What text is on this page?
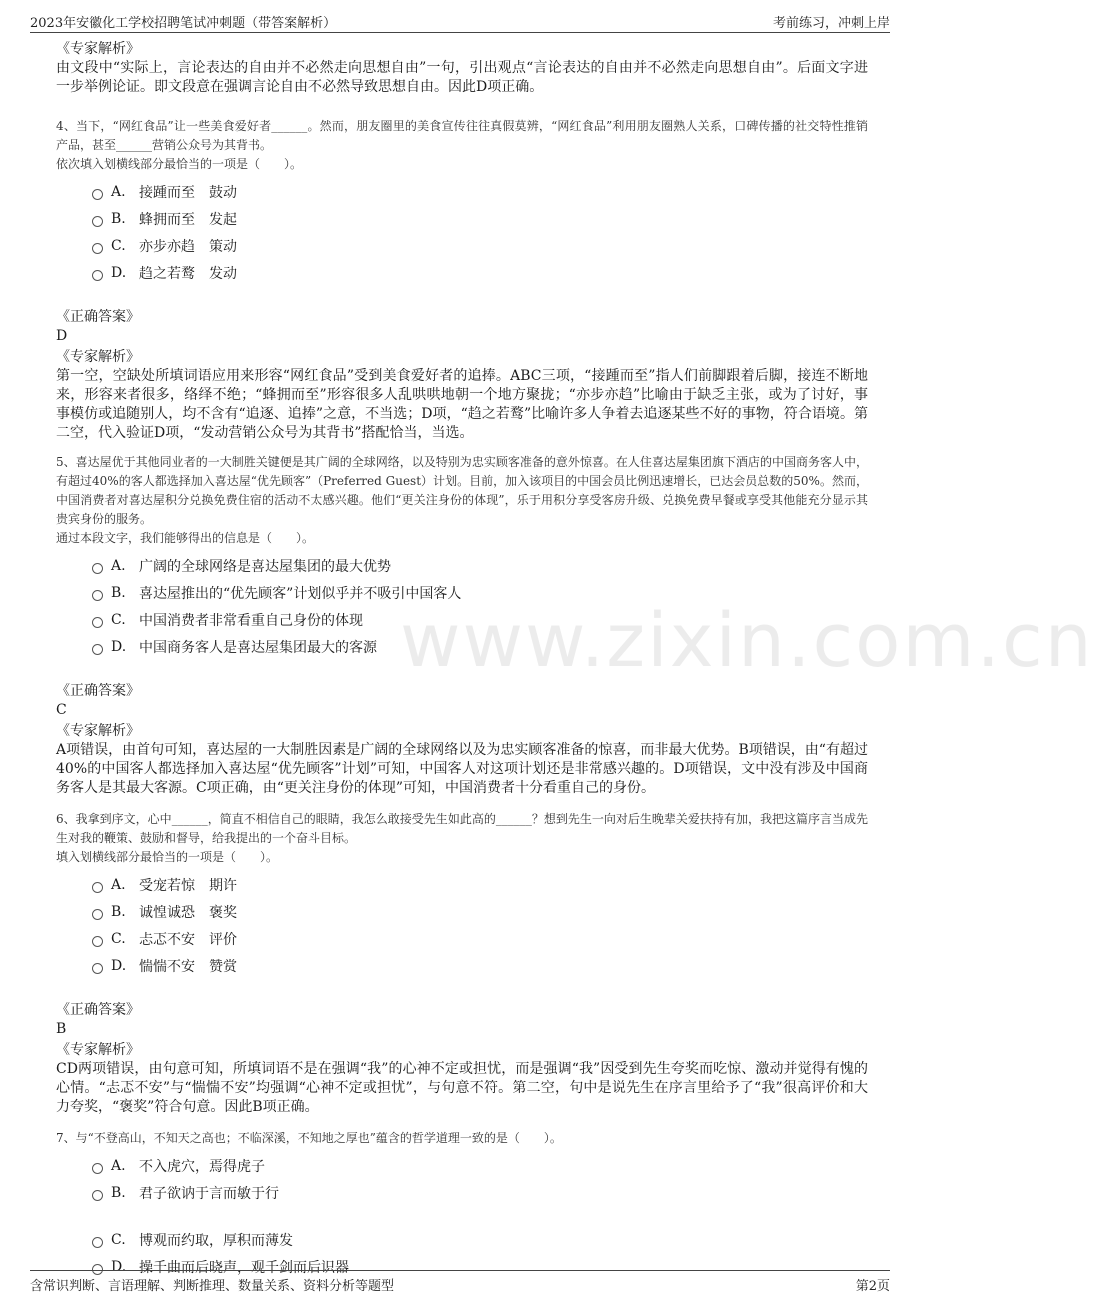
2023年安徽化工学校招聘笔试冲刺题（带答案解析）	考前练习，冲刺上岸
www.zixin.com.cn

《专家解析》

由文段中“实际上，言论表达的自由并不必然走向思想自由”一句，引出观点“言论表达的自由并不必然走向思想自由”。后面文字进一步举例论证。即文段意在强调言论自由不必然导致思想自由。因此D项正确。

4、当下，“网红食品”让一些美食爱好者______。然而，朋友圈里的美食宣传往往真假莫辨，“网红食品”利用朋友圈熟人关系，口碑传播的社交特性推销产品，甚至______营销公众号为其背书。

依次填入划横线部分最恰当的一项是（　　）。

A. 接踵而至　鼓动
B. 蜂拥而至　发起
C. 亦步亦趋　策动
D. 趋之若鹜　发动

《正确答案》

D

《专家解析》

第一空，空缺处所填词语应用来形容“网红食品”受到美食爱好者的追捧。ABC三项，“接踵而至”指人们前脚跟着后脚，接连不断地来，形容来者很多，络绎不绝；“蜂拥而至”形容很多人乱哄哄地朝一个地方聚拢；“亦步亦趋”比喻由于缺乏主张，或为了讨好，事事模仿或追随别人，均不含有“追逐、追捧”之意，不当选；D项，“趋之若鹜”比喻许多人争着去追逐某些不好的事物，符合语境。第二空，代入验证D项，“发动营销公众号为其背书”搭配恰当，当选。

5、喜达屋优于其他同业者的一大制胜关键便是其广阔的全球网络，以及特别为忠实顾客准备的意外惊喜。在人住喜达屋集团旗下酒店的中国商务客人中，有超过40%的客人都选择加入喜达屋“优先顾客”（Preferred Guest）计划。目前，加入该项目的中国会员比例迅速增长，已达会员总数的50%。然而，中国消费者对喜达屋积分兑换免费住宿的活动不太感兴趣。他们“更关注身份的体现”，乐于用积分享受客房升级、兑换免费早餐或享受其他能充分显示其贵宾身份的服务。

通过本段文字，我们能够得出的信息是（　　）。

A. 广阔的全球网络是喜达屋集团的最大优势
B. 喜达屋推出的“优先顾客”计划似乎并不吸引中国客人
C. 中国消费者非常看重自己身份的体现
D. 中国商务客人是喜达屋集团最大的客源

《正确答案》

C

《专家解析》

A项错误，由首句可知，喜达屋的一大制胜因素是广阔的全球网络以及为忠实顾客准备的惊喜，而非最大优势。B项错误，由“有超过40%的中国客人都选择加入喜达屋“优先顾客”计划”可知，中国客人对这项计划还是非常感兴趣的。D项错误，文中没有涉及中国商务客人是其最大客源。C项正确，由“更关注身份的体现”可知，中国消费者十分看重自己的身份。

6、我拿到序文，心中______，简直不相信自己的眼睛，我怎么敢接受先生如此高的______？想到先生一向对后生晚辈关爱扶持有加，我把这篇序言当成先生对我的鞭策、鼓励和督导，给我提出的一个奋斗目标。

填入划横线部分最恰当的一项是（　　）。

A. 受宠若惊　期许
B. 诚惶诚恐　褒奖
C. 忐忑不安　评价
D. 惴惴不安　赞赏

《正确答案》

B

《专家解析》

CD两项错误，由句意可知，所填词语不是在强调“我”的心神不定或担忧，而是强调“我”因受到先生夸奖而吃惊、激动并觉得有愧的心情。“忐忑不安”与“惴惴不安”均强调“心神不定或担忧”，与句意不符。第二空，句中是说先生在序言里给予了“我”很高评价和大力夸奖，“褒奖”符合句意。因此B项正确。

7、与“不登高山，不知天之高也；不临深溪，不知地之厚也”蕴含的哲学道理一致的是（　　）。

A. 不入虎穴，焉得虎子
B. 君子欲讷于言而敏于行
C. 博观而约取，厚积而薄发
D. 操千曲而后晓声，观千剑而后识器
含常识判断、言语理解、判断推理、数量关系、资料分析等题型	第2页
